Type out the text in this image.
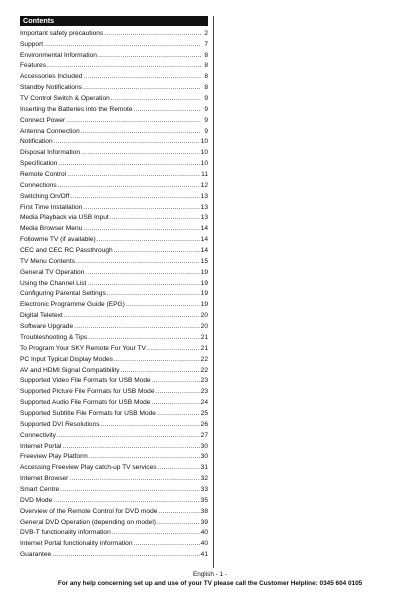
Contents
Important safety precautions .....	2
Support .....	7
Environmental Information .....	8
Features .....	8
Accessories Included .....	8
Standby Notifications .....	8
TV Control Switch & Operation .....	9
Inserting the Batteries into the Remote .....	9
Connect Power .....	9
Antenna Connection .....	9
Notification .....	10
Disposal Information .....	10
Specification .....	10
Remote Control .....	11
Connections .....	12
Switching On/Off .....	13
First Time Installation .....	13
Media Playback via USB Input .....	13
Media Browser Menu .....	14
Followme TV (if available) .....	14
CEC and CEC RC Passthrough .....	14
TV Menu Contents .....	15
General TV Operation .....	19
Using the Channel List .....	19
Configuring Parental Settings .....	19
Electronic Programme Guide (EPG) .....	19
Digital Teletext .....	20
Software Upgrade .....	20
Troubleshooting & Tips .....	21
To Program Your SKY Remote For Your TV .....	21
PC Input Typical Display Modes .....	22
AV and HDMI Signal Compatibility .....	22
Supported Video File Formats for USB Mode .....	23
Supported Picture File Formats for USB Mode .....	23
Supported Audio File Formats for USB Mode .....	24
Supported Subtitle File Formats for USB Mode .....	25
Supported DVI Resolutions .....	26
Connectivity .....	27
Internet Portal .....	30
Freeview Play Platform .....	30
Accessing Freeview Play catch-up TV services .....	31
Internet Browser .....	32
Smart Centre .....	33
DVD Mode .....	35
Overview of the Remote Control for DVD mode .....	38
General DVD Operation (depending on model) .....	39
DVB-T functionality information .....	40
Internet Portal functionality information .....	40
Guarantee .....	41
English - 1 -
For any help concerning set up and use of your TV please call the Customer Helpline: 0345 604 0105
